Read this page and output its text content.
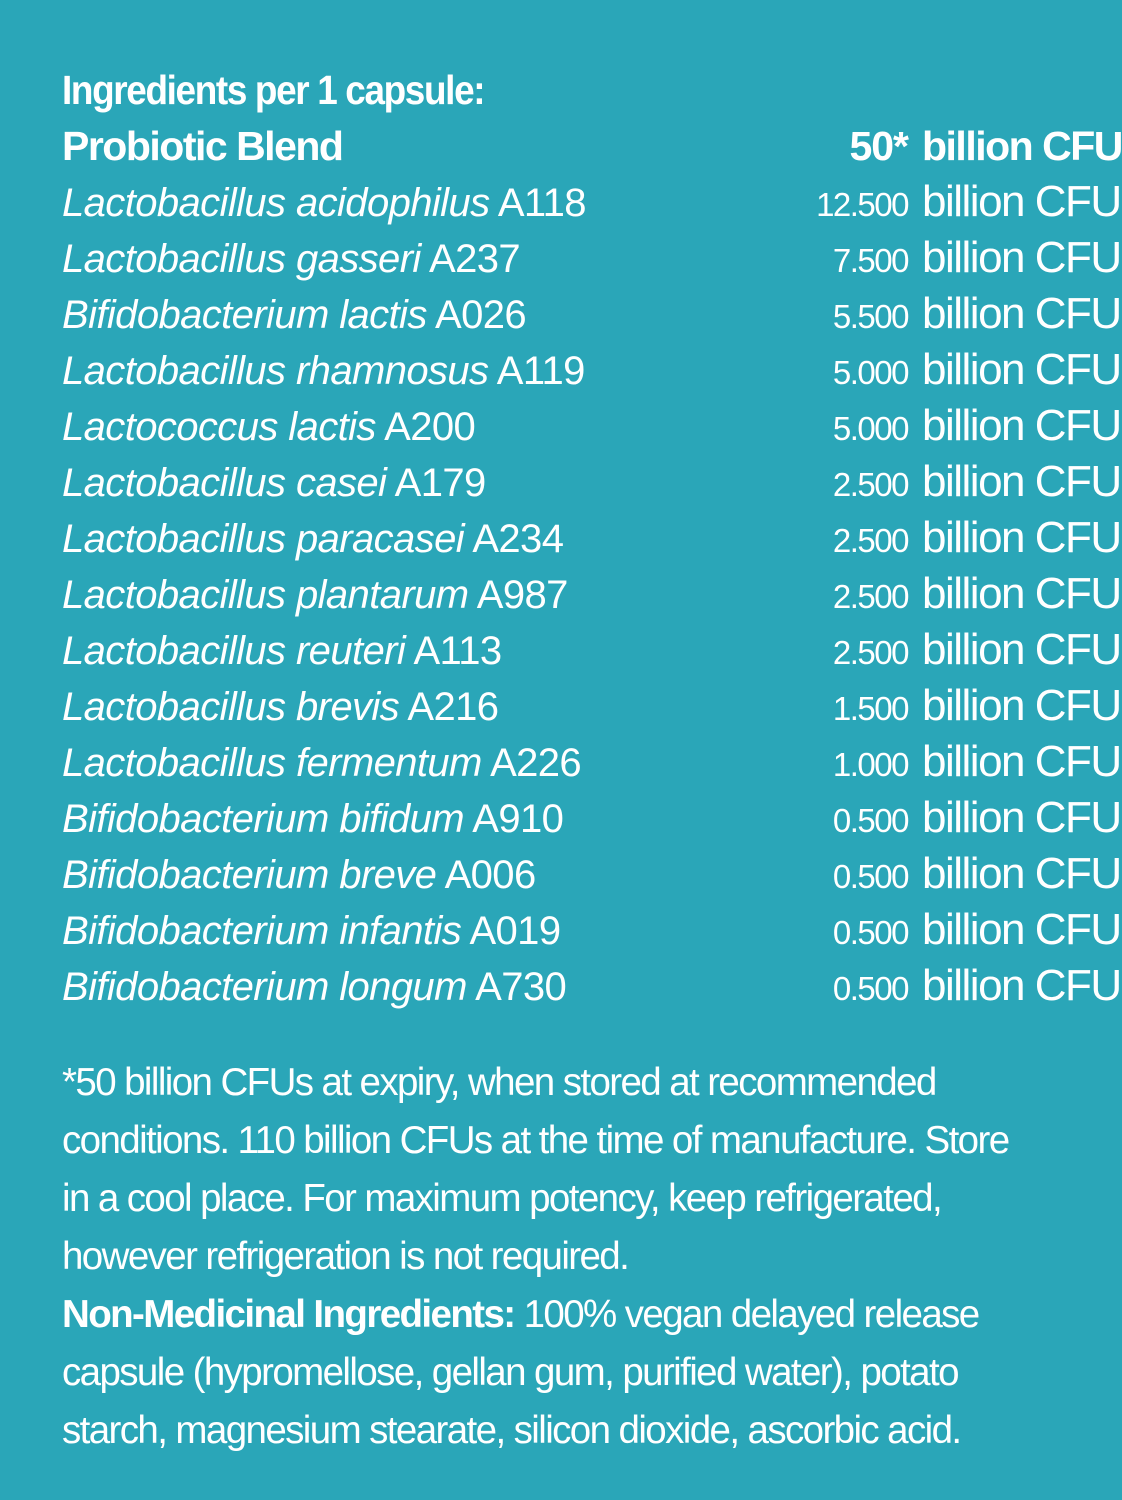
Ingredients per 1 capsule:
Probiotic Blend	50* billion CFU
Lactobacillus acidophilus A118	12.500 billion CFU
Lactobacillus gasseri A237	7.500 billion CFU
Bifidobacterium lactis A026	5.500 billion CFU
Lactobacillus rhamnosus A119	5.000 billion CFU
Lactococcus lactis A200	5.000 billion CFU
Lactobacillus casei A179	2.500 billion CFU
Lactobacillus paracasei A234	2.500 billion CFU
Lactobacillus plantarum A987	2.500 billion CFU
Lactobacillus reuteri A113	2.500 billion CFU
Lactobacillus brevis A216	1.500 billion CFU
Lactobacillus fermentum A226	1.000 billion CFU
Bifidobacterium bifidum A910	0.500 billion CFU
Bifidobacterium breve A006	0.500 billion CFU
Bifidobacterium infantis A019	0.500 billion CFU
Bifidobacterium longum A730	0.500 billion CFU
*50 billion CFUs at expiry, when stored at recommended conditions. 110 billion CFUs at the time of manufacture. Store in a cool place. For maximum potency, keep refrigerated, however refrigeration is not required.
Non-Medicinal Ingredients: 100% vegan delayed release capsule (hypromellose, gellan gum, purified water), potato starch, magnesium stearate, silicon dioxide, ascorbic acid.
